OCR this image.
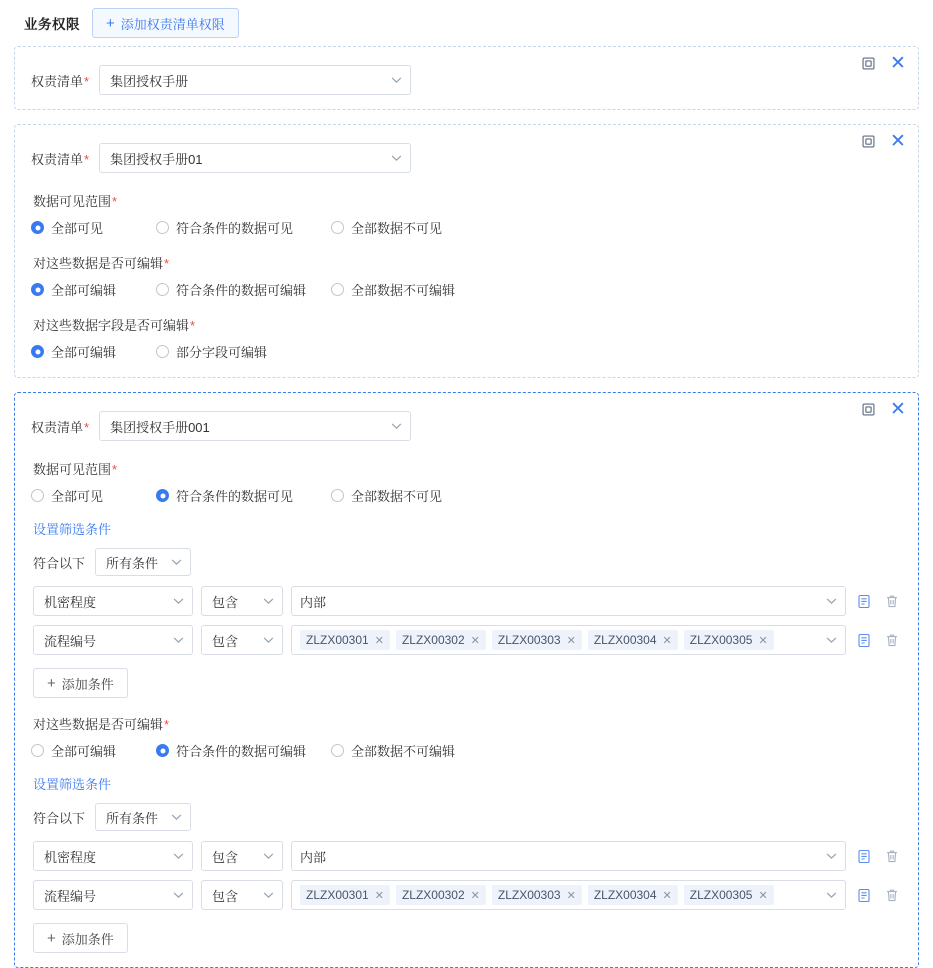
业务权限 + 添加权责清单权限
✕
权责清单* 集团授权手册
✕
权责清单* 集团授权手册01
数据可见范围*
全部可见	符合条件的数据可见	全部数据不可见
对这些数据是否可编辑*
全部可编辑	符合条件的数据可编辑	全部数据不可编辑
对这些数据字段是否可编辑*
全部可编辑	部分字段可编辑
✕
权责清单* 集团授权手册001
数据可见范围*
全部可见	符合条件的数据可见	全部数据不可见
设置筛选条件
符合以下 所有条件
机密程度	包含	内部
流程编号	包含	ZLZX00301 ✕ ZLZX00302 ✕ ZLZX00303 ✕ ZLZX00304 ✕ ZLZX00305 ✕
+ 添加条件
对这些数据是否可编辑*
全部可编辑	符合条件的数据可编辑	全部数据不可编辑
设置筛选条件
符合以下 所有条件
机密程度	包含	内部
流程编号	包含	ZLZX00301 ✕ ZLZX00302 ✕ ZLZX00303 ✕ ZLZX00304 ✕ ZLZX00305 ✕
+ 添加条件
